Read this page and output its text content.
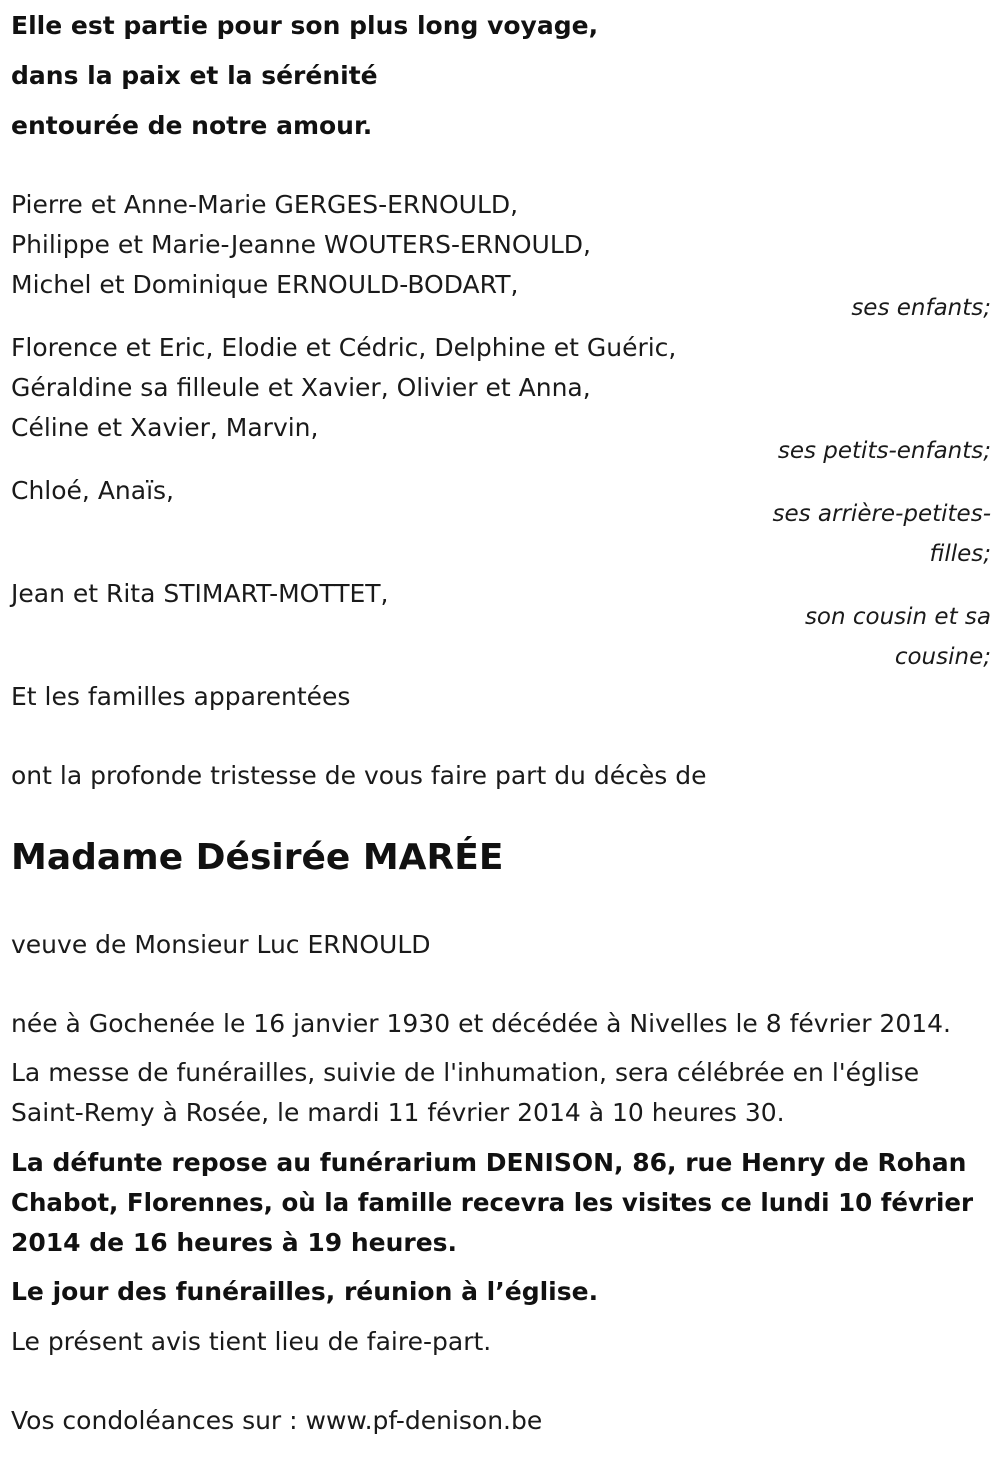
Elle est partie pour son plus long voyage,
dans la paix et la sérénité
entourée de notre amour.
Pierre et Anne-Marie GERGES-ERNOULD,
Philippe et Marie-Jeanne WOUTERS-ERNOULD,
Michel et Dominique ERNOULD-BODART,
ses enfants;
Florence et Eric, Elodie et Cédric, Delphine et Guéric,
Géraldine sa filleule et Xavier, Olivier et Anna,
Céline et Xavier, Marvin,
ses petits-enfants;
Chloé, Anaïs,
ses arrière-petites-
filles;
Jean et Rita STIMART-MOTTET,
son cousin et sa
cousine;
Et les familles apparentées
ont la profonde tristesse de vous faire part du décès de
Madame Désirée MARÉE
veuve de Monsieur Luc ERNOULD
née à Gochenée le 16 janvier 1930 et décédée à Nivelles le 8 février 2014.
La messe de funérailles, suivie de l'inhumation, sera célébrée en l'église
Saint-Remy à Rosée, le mardi 11 février 2014 à 10 heures 30.
La défunte repose au funérarium DENISON, 86, rue Henry de Rohan
Chabot, Florennes, où la famille recevra les visites ce lundi 10 février
2014 de 16 heures à 19 heures.
Le jour des funérailles, réunion à l’église.
Le présent avis tient lieu de faire-part.
Vos condoléances sur : www.pf-denison.be
